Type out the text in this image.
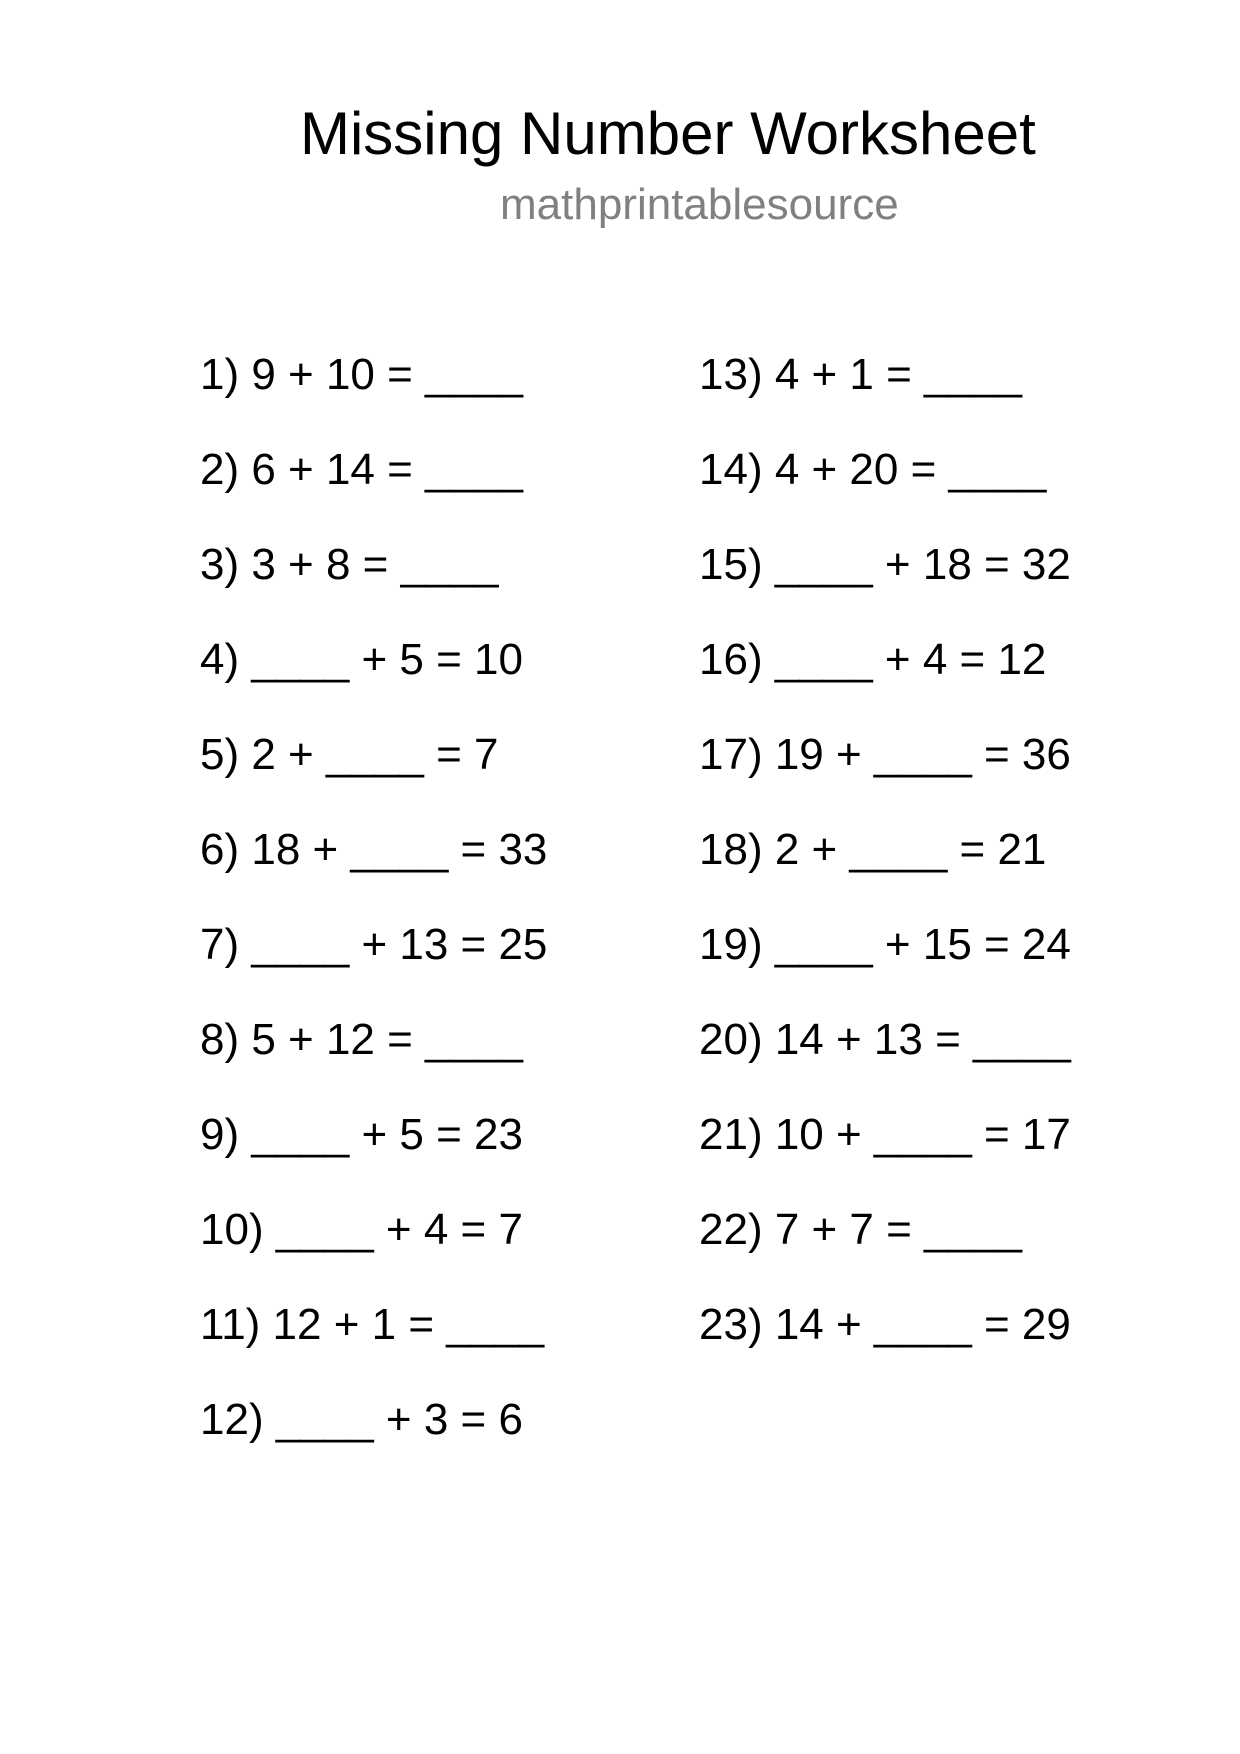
Missing Number Worksheet
mathprintablesource
1) 9 + 10 = ____
2) 6 + 14 = ____
3) 3 + 8 = ____
4) ____ + 5 = 10
5) 2 + ____ = 7
6) 18 + ____ = 33
7) ____ + 13 = 25
8) 5 + 12 = ____
9) ____ + 5 = 23
10) ____ + 4 = 7
11) 12 + 1 = ____
12) ____ + 3 = 6
13) 4 + 1 = ____
14) 4 + 20 = ____
15) ____ + 18 = 32
16) ____ + 4 = 12
17) 19 + ____ = 36
18) 2 + ____ = 21
19) ____ + 15 = 24
20) 14 + 13 = ____
21) 10 + ____ = 17
22) 7 + 7 = ____
23) 14 + ____ = 29
